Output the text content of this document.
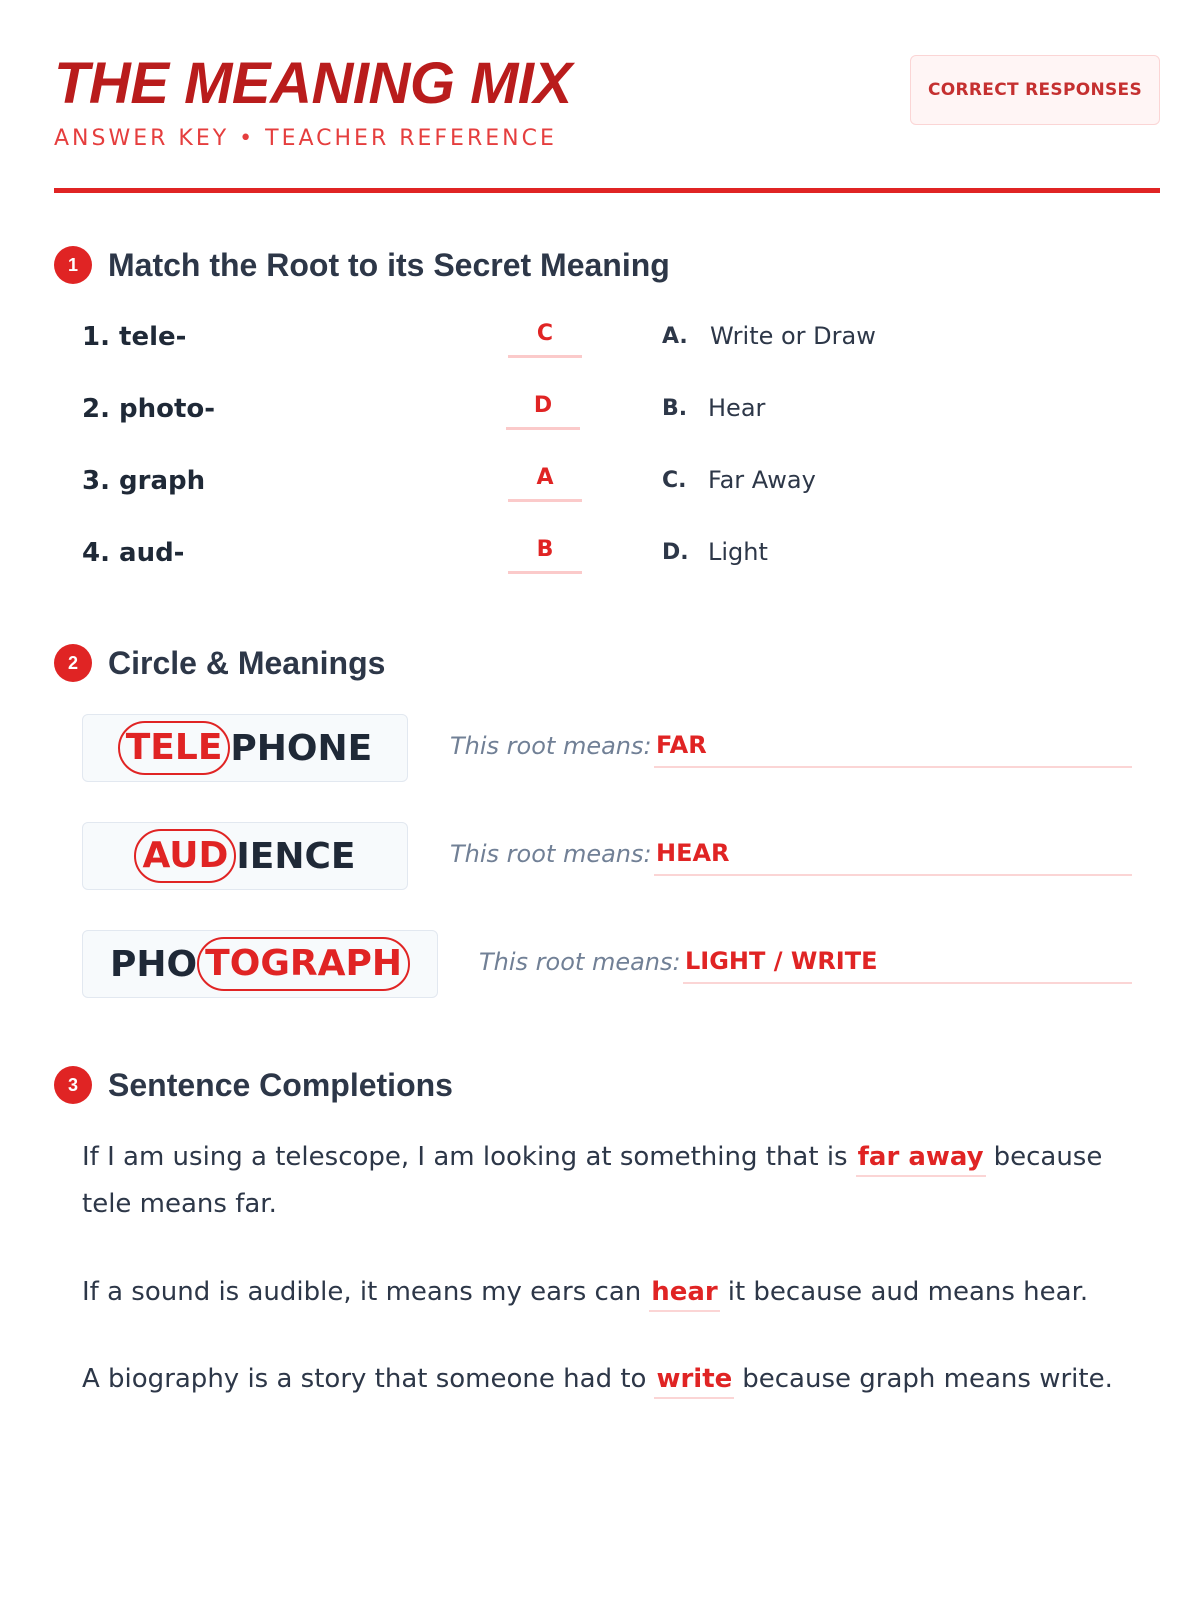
THE MEANING MIX
ANSWER KEY • TEACHER REFERENCE
CORRECT RESPONSES
1 Match the Root to its Secret Meaning
1. tele-	C	A. Write or Draw
2. photo-	D	B. Hear
3. graph	A	C. Far Away
4. aud-	B	D. Light
2 Circle & Meanings
TELE PHONE	This root means: FAR
AUD IENCE	This root means: HEAR
PHO TOGRAPH	This root means: LIGHT / WRITE
3 Sentence Completions

If I am using a telescope, I am looking at something that is far away because tele means far.

If a sound is audible, it means my ears can hear it because aud means hear.

A biography is a story that someone had to write because graph means write.
